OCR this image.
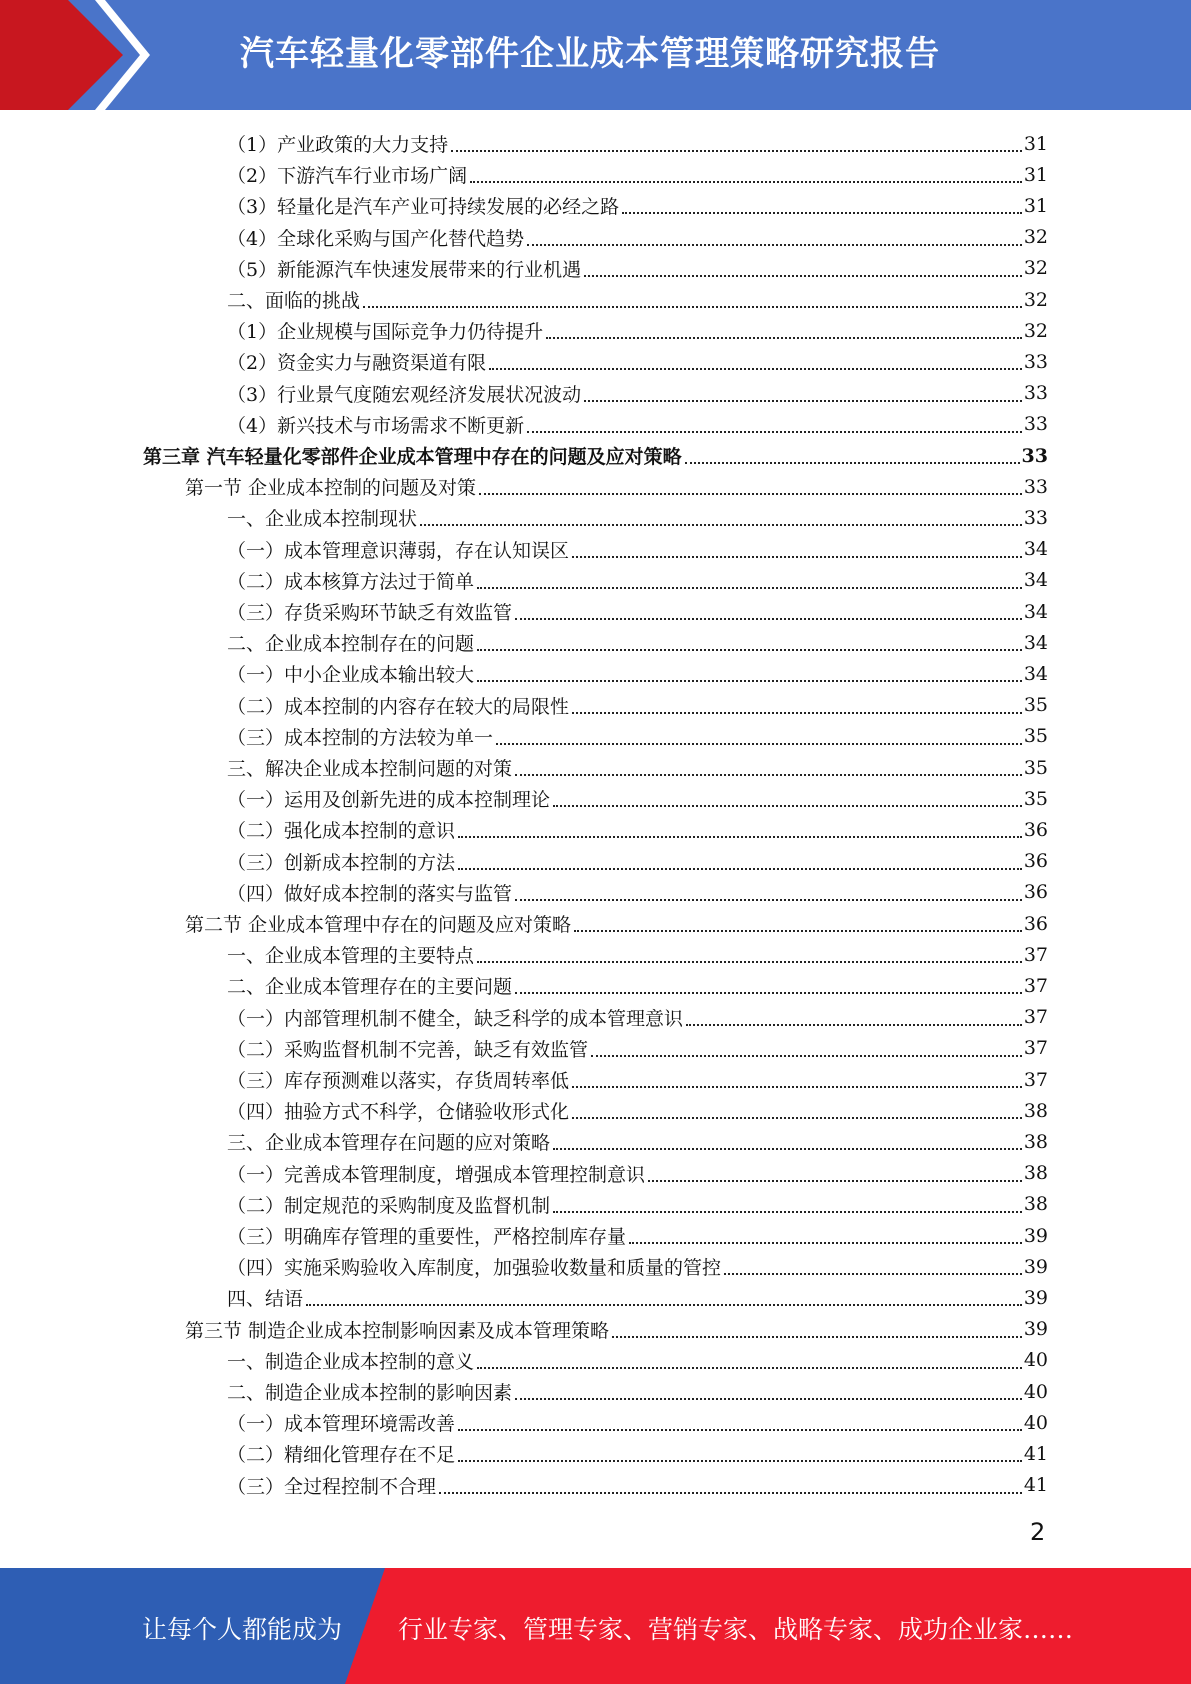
汽车轻量化零部件企业成本管理策略研究报告
（1）产业政策的大力支持	31
（2）下游汽车行业市场广阔	31
（3）轻量化是汽车产业可持续发展的必经之路	31
（4）全球化采购与国产化替代趋势	32
（5）新能源汽车快速发展带来的行业机遇	32
二、面临的挑战	32
（1）企业规模与国际竞争力仍待提升	32
（2）资金实力与融资渠道有限	33
（3）行业景气度随宏观经济发展状况波动	33
（4）新兴技术与市场需求不断更新	33
第三章 汽车轻量化零部件企业成本管理中存在的问题及应对策略	33
第一节 企业成本控制的问题及对策	33
一、企业成本控制现状	33
（一）成本管理意识薄弱，存在认知误区	34
（二）成本核算方法过于简单	34
（三）存货采购环节缺乏有效监管	34
二、企业成本控制存在的问题	34
（一）中小企业成本输出较大	34
（二）成本控制的内容存在较大的局限性	35
（三）成本控制的方法较为单一	35
三、解决企业成本控制问题的对策	35
（一）运用及创新先进的成本控制理论	35
（二）强化成本控制的意识	36
（三）创新成本控制的方法	36
（四）做好成本控制的落实与监管	36
第二节 企业成本管理中存在的问题及应对策略	36
一、企业成本管理的主要特点	37
二、企业成本管理存在的主要问题	37
（一）内部管理机制不健全，缺乏科学的成本管理意识	37
（二）采购监督机制不完善，缺乏有效监管	37
（三）库存预测难以落实，存货周转率低	37
（四）抽验方式不科学，仓储验收形式化	38
三、企业成本管理存在问题的应对策略	38
（一）完善成本管理制度，增强成本管理控制意识	38
（二）制定规范的采购制度及监督机制	38
（三）明确库存管理的重要性，严格控制库存量	39
（四）实施采购验收入库制度，加强验收数量和质量的管控	39
四、结语	39
第三节 制造企业成本控制影响因素及成本管理策略	39
一、制造企业成本控制的意义	40
二、制造企业成本控制的影响因素	40
（一）成本管理环境需改善	40
（二）精细化管理存在不足	41
（三）全过程控制不合理	41
2
让每个人都能成为 行业专家、管理专家、营销专家、战略专家、成功企业家……
